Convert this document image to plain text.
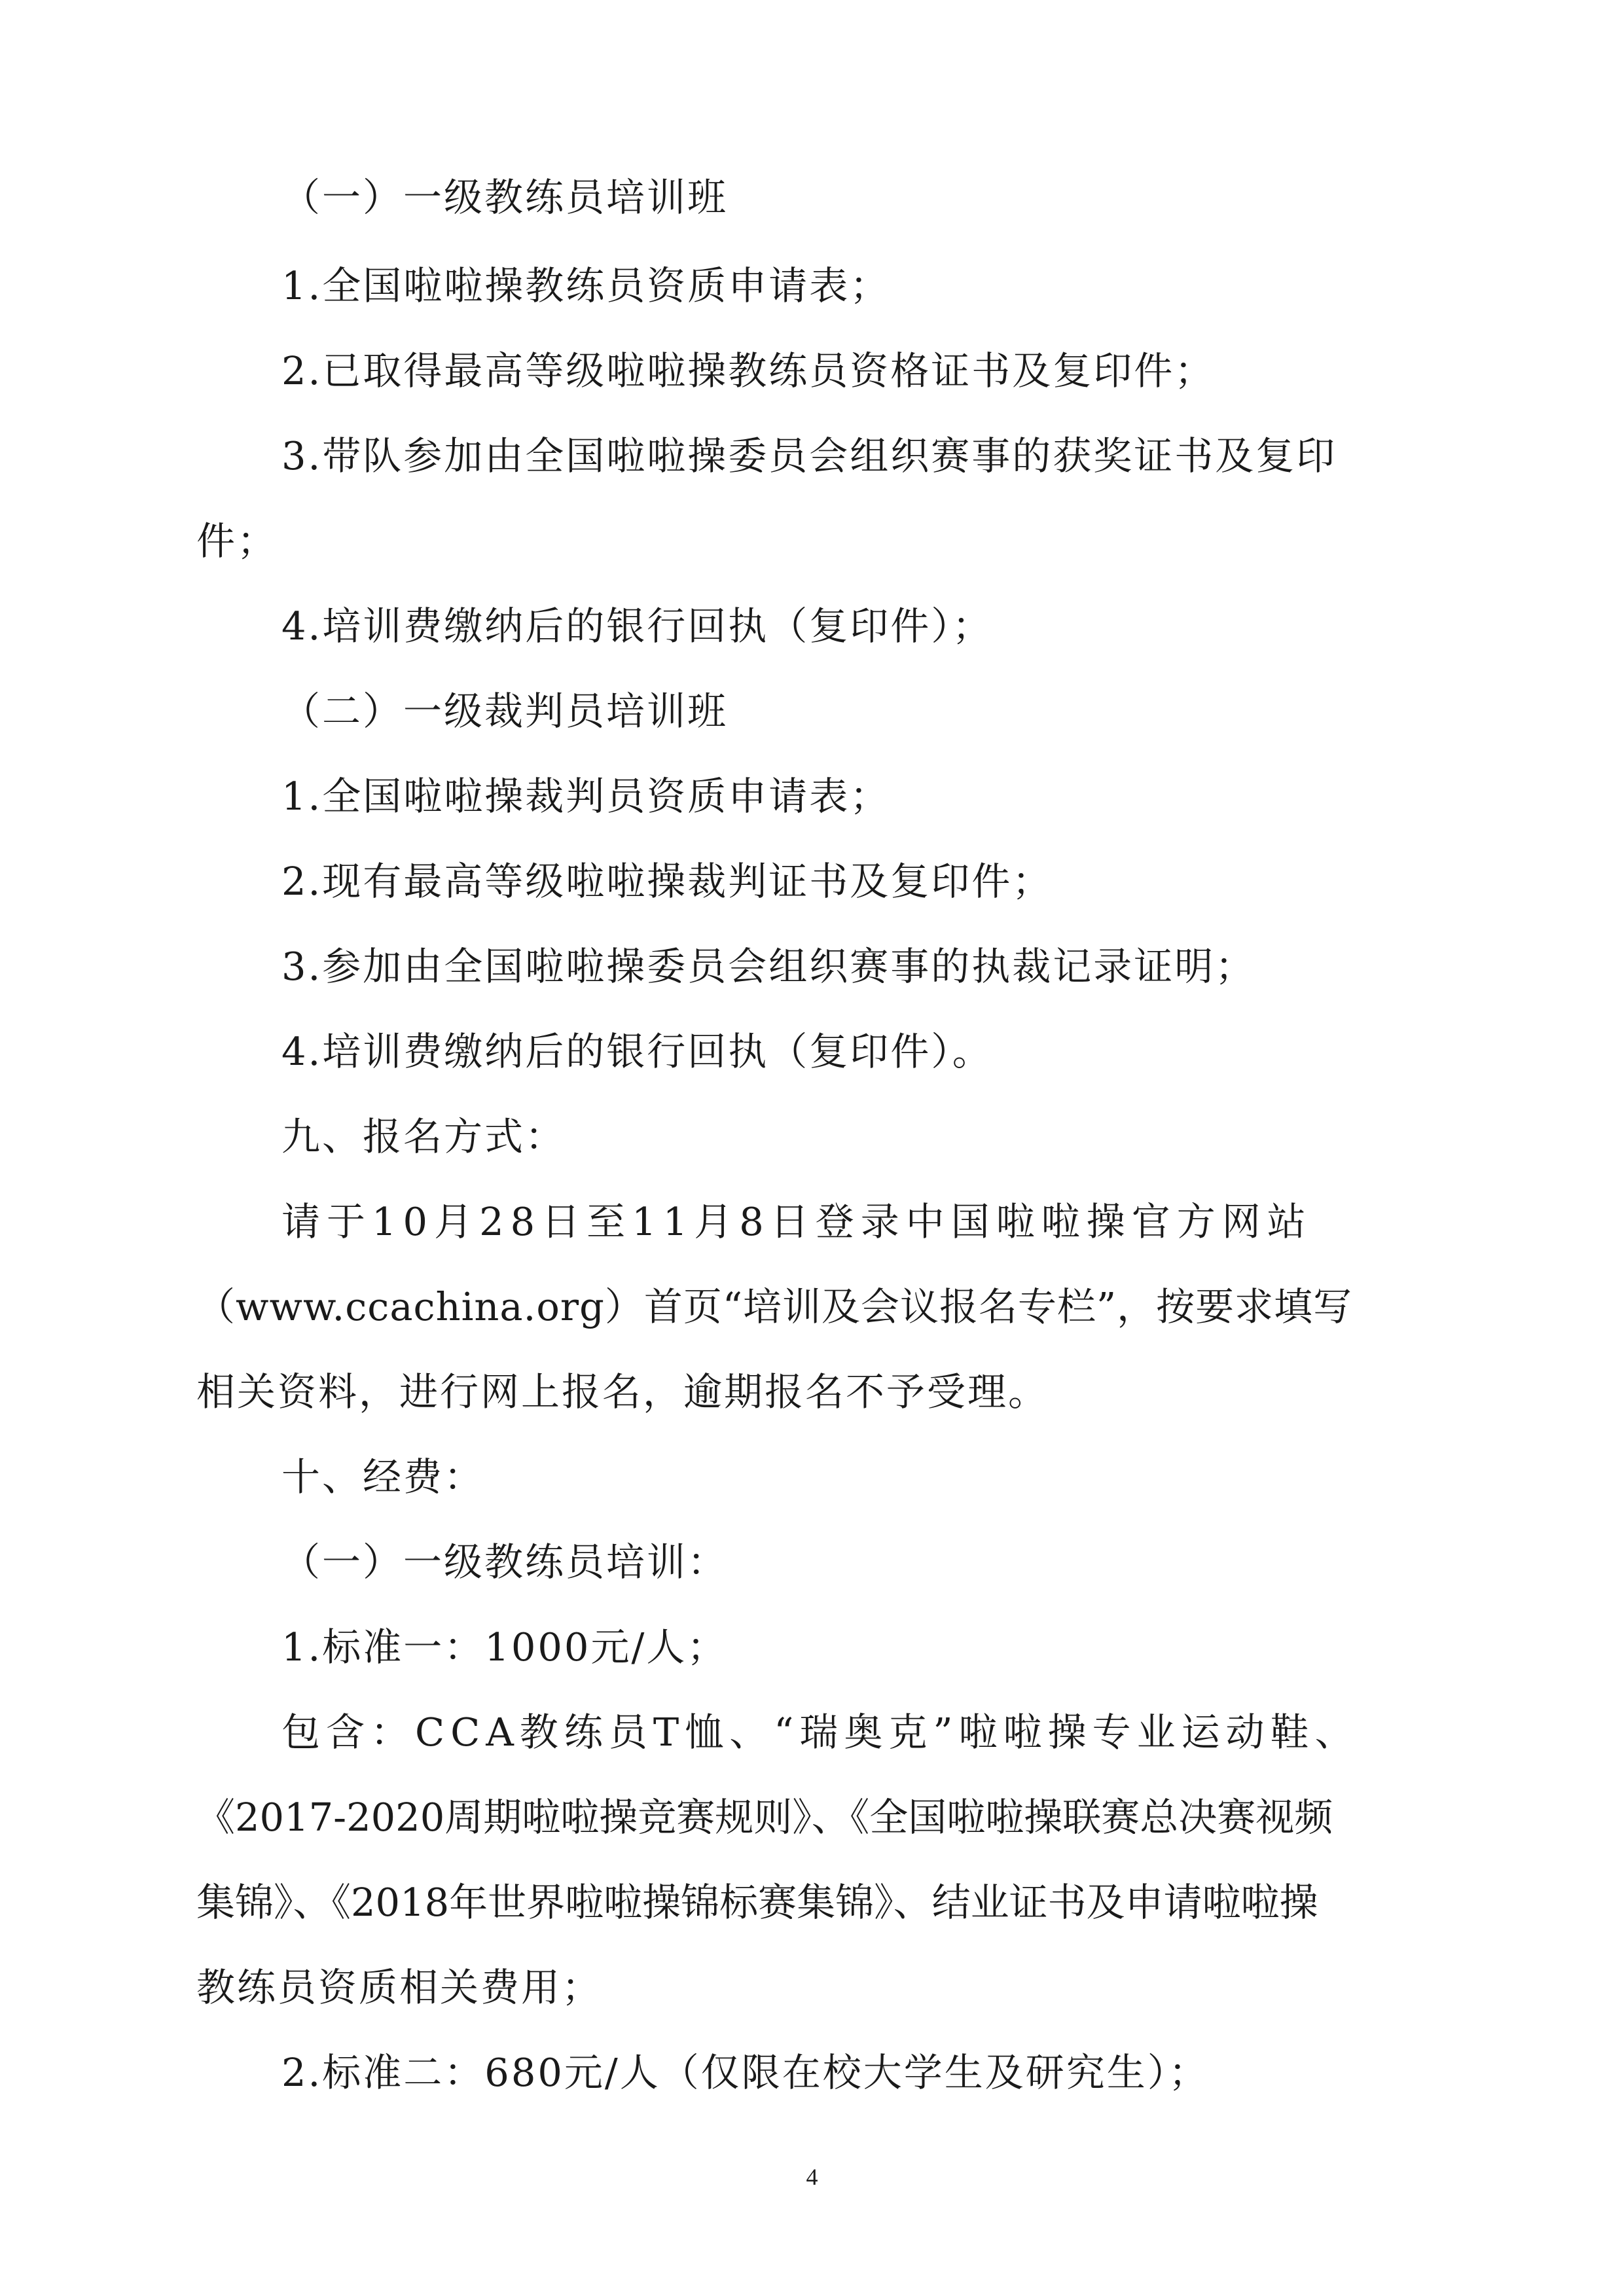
（一）一级教练员培训班
1.全国啦啦操教练员资质申请表；
2.已取得最高等级啦啦操教练员资格证书及复印件；
3.带队参加由全国啦啦操委员会组织赛事的获奖证书及复印
件；
4.培训费缴纳后的银行回执（复印件）；
（二）一级裁判员培训班
1.全国啦啦操裁判员资质申请表；
2.现有最高等级啦啦操裁判证书及复印件；
3.参加由全国啦啦操委员会组织赛事的执裁记录证明；
4.培训费缴纳后的银行回执（复印件）。
九、报名方式：
请于10月28日至11月8日登录中国啦啦操官方网站
（www.ccachina.org）首页“培训及会议报名专栏”，按要求填写
相关资料，进行网上报名，逾期报名不予受理。
十、经费：
（一）一级教练员培训：
1.标准一：1000元/人；
包含：CCA教练员T恤、“瑞奥克”啦啦操专业运动鞋、
《2017-2020周期啦啦操竞赛规则》、《全国啦啦操联赛总决赛视频
集锦》、《2018年世界啦啦操锦标赛集锦》、结业证书及申请啦啦操
教练员资质相关费用；
2.标准二：680元/人（仅限在校大学生及研究生）；
4
